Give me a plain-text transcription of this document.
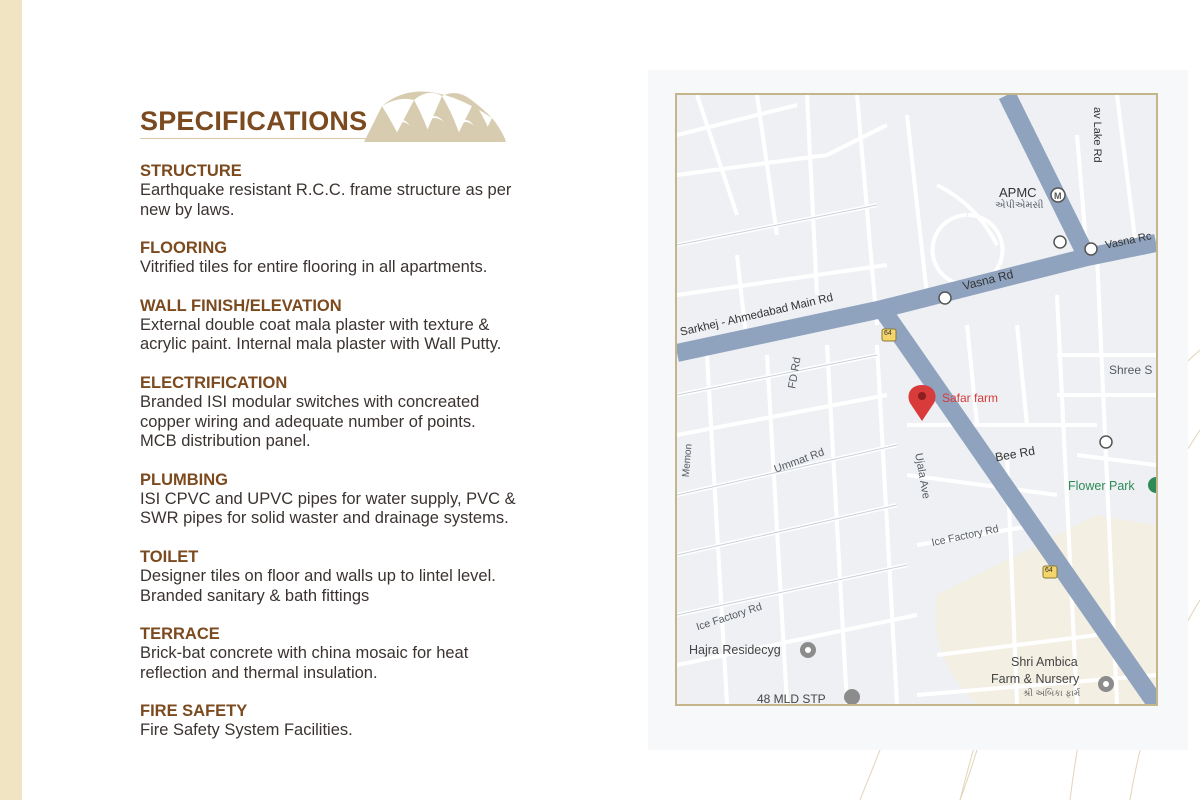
SPECIFICATIONS
STRUCTURE
Earthquake resistant R.C.C. frame structure as per
new by laws.
FLOORING
Vitrified tiles for entire flooring in all apartments.
WALL FINISH/ELEVATION
External double coat mala plaster with texture &
acrylic paint. Internal mala plaster with Wall Putty.
ELECTRIFICATION
Branded ISI modular switches with concreated
copper wiring and adequate number of points.
MCB distribution panel.
PLUMBING
ISI CPVC and UPVC pipes for water supply, PVC &
SWR pipes for solid waster and drainage systems.
TOILET
Designer tiles on floor and walls up to lintel level.
Branded sanitary & bath fittings
TERRACE
Brick-bat concrete with china mosaic for heat
reflection and thermal insulation.
FIRE SAFETY
Fire Safety System Facilities.
M
APMC
એપીએમસી
Vasna Rd
Vasna Rc
Sarkhej - Ahmedabad Main Rd	64
64
FD Rd
Safar farm
Shree S
Bee Rd
Ummat Rd	Ujala Ave	Flower Park
Ice Factory Rd
Ice Factory Rd
Hajra Residecyg
Shri Ambica
Farm & Nursery
શ્રી અંબિકા ફાર્મ
48 MLD STP
av Lake Rd
Memon
